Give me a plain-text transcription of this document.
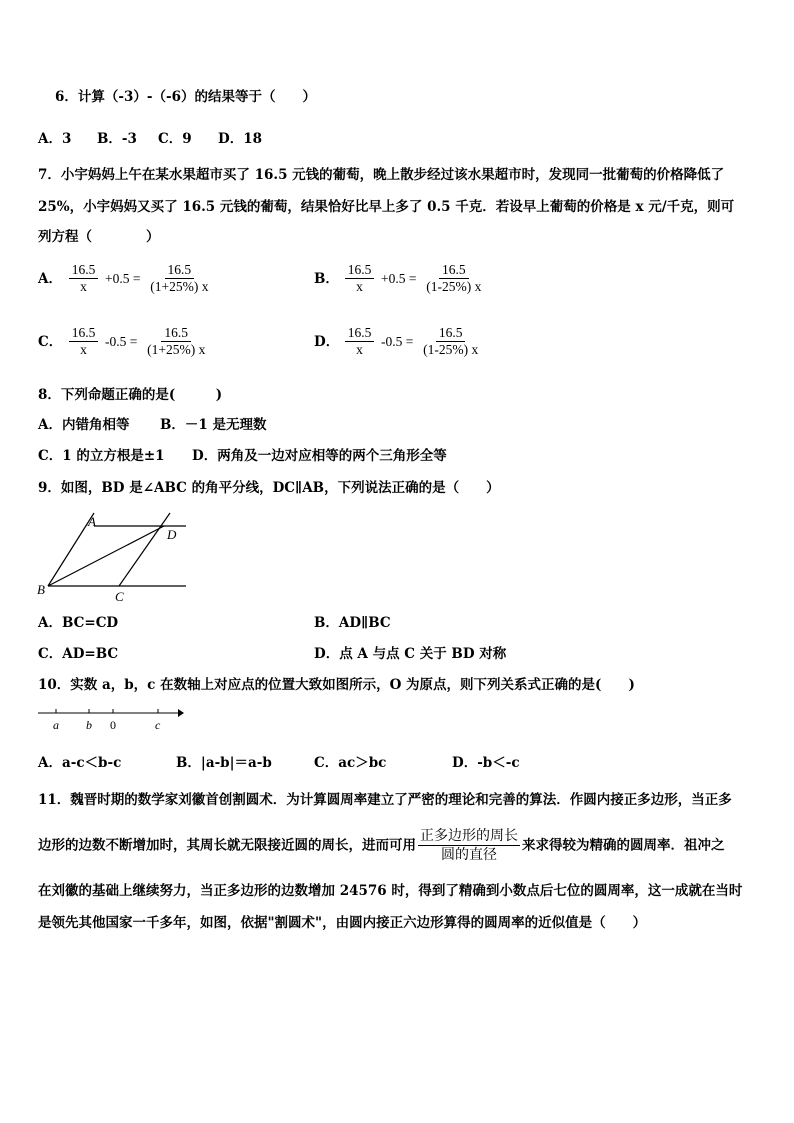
6．计算（-3）-（-6）的结果等于（　　）
A．3 B．-3 C．9 D．18
7．小宇妈妈上午在某水果超市买了 16.5 元钱的葡萄，晚上散步经过该水果超市时，发现同一批葡萄的价格降低了
25%，小宇妈妈又买了 16.5 元钱的葡萄，结果恰好比早上多了 0.5 千克．若设早上葡萄的价格是 x 元/千克，则可
列方程（　　　　）
A． $\frac{16.5}{x} +0.5 = \frac{16.5}{(1+25\%) x}$	B． $\frac{16.5}{x} +0.5 = \frac{16.5}{(1-25\%) x}$
C． $\frac{16.5}{x} -0.5 = \frac{16.5}{(1+25\%) x}$	D． $\frac{16.5}{x} -0.5 = \frac{16.5}{(1-25\%) x}$
8．下列命题正确的是(　　　)
A．内错角相等 B．－1 是无理数
C．1 的立方根是±1 D．两角及一边对应相等的两个三角形全等
9．如图，BD 是∠ABC 的角平分线，DC∥AB，下列说法正确的是（　　）
A
D
B	C
A．BC=CD	B．AD∥BC
C．AD=BC	D．点 A 与点 C 关于 BD 对称
10．实数 a，b，c 在数轴上对应点的位置大致如图所示，O 为原点，则下列关系式正确的是(　　)
a b 0	c
A．a-c＜b-c	B．|a-b|＝a-b	C．ac＞bc	D．-b＜-c
11．魏晋时期的数学家刘徽首创割圆术．为计算圆周率建立了严密的理论和完善的算法．作圆内接正多边形，当正多
边形的边数不断增加时，其周长就无限接近圆的周长，进而可用 $\frac{\text{正多边形的周长}}{\text{圆的直径}}$ 来求得较为精确的圆周率．祖冲之
在刘徽的基础上继续努力，当正多边形的边数增加 24576 时，得到了精确到小数点后七位的圆周率，这一成就在当时
是领先其他国家一千多年，如图，依据"割圆术"，由圆内接正六边形算得的圆周率的近似值是（　　）
